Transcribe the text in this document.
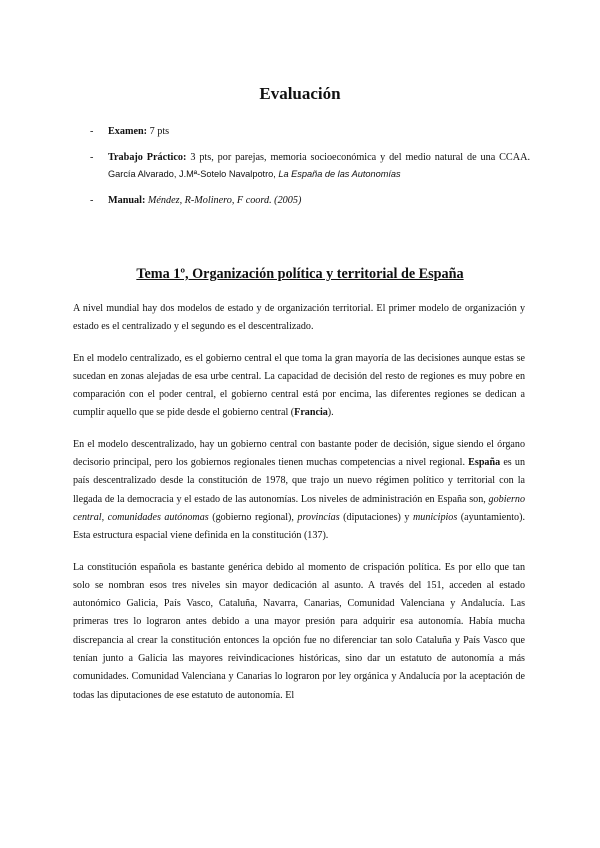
Evaluación
-	Examen: 7 pts
-	Trabajo Práctico: 3 pts, por parejas, memoria socioeconómica y del medio natural de una CCAA. García Alvarado, J.Mª-Sotelo Navalpotro, La España de las Autonomías
-	Manual: Méndez, R-Molinero, F coord. (2005)
Tema 1º, Organización política y territorial de España

A nivel mundial hay dos modelos de estado y de organización territorial. El primer modelo de organización y estado es el centralizado y el segundo es el descentralizado.

En el modelo centralizado, es el gobierno central el que toma la gran mayoría de las decisiones aunque estas se sucedan en zonas alejadas de esa urbe central. La capacidad de decisión del resto de regiones es muy pobre en comparación con el poder central, el gobierno central está por encima, las diferentes regiones se dedican a cumplir aquello que se pide desde el gobierno central (Francia).

En el modelo descentralizado, hay un gobierno central con bastante poder de decisión, sigue siendo el órgano decisorio principal, pero los gobiernos regionales tienen muchas competencias a nivel regional. España es un país descentralizado desde la constitución de 1978, que trajo un nuevo régimen político y territorial con la llegada de la democracia y el estado de las autonomías. Los niveles de administración en España son, gobierno central, comunidades autónomas (gobierno regional), provincias (diputaciones) y municipios (ayuntamiento). Esta estructura espacial viene definida en la constitución (137).

La constitución española es bastante genérica debido al momento de crispación política. Es por ello que tan solo se nombran esos tres niveles sin mayor dedicación al asunto. A través del 151, acceden al estado autonómico Galicia, País Vasco, Cataluña, Navarra, Canarias, Comunidad Valenciana y Andalucía. Las primeras tres lo lograron antes debido a una mayor presión para adquirir esa autonomía. Había mucha discrepancia al crear la constitución entonces la opción fue no diferenciar tan solo Cataluña y País Vasco que tenían junto a Galicia las mayores reivindicaciones históricas, sino dar un estatuto de autonomía a más comunidades. Comunidad Valenciana y Canarias lo lograron por ley orgánica y Andalucía por la aceptación de todas las diputaciones de ese estatuto de autonomía. El
